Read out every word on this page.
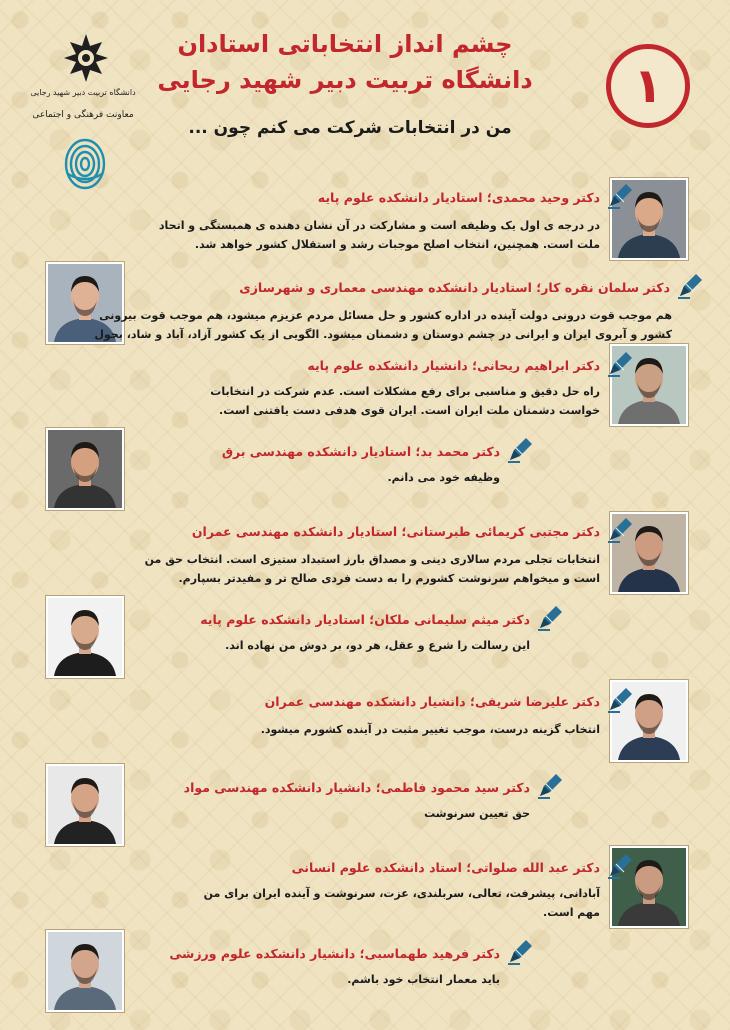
دانشگاه تربیت دبیر شهید رجایی
معاونت فرهنگی و اجتماعی
چشم انداز انتخاباتی استادان
دانشگاه تربیت دبیر شهید رجایی
من در انتخابات شرکت می کنم چون ...
۱
دکتر وحید محمدی؛ استادیار دانشکده علوم پایه
در درجه ی اول یک وظیفه است و مشارکت در آن نشان دهنده ی همبستگی و اتحاد
ملت است. همچنین، انتخاب اصلح موجبات رشد و استقلال کشور خواهد شد.
دکتر سلمان نقره کار؛ استادیار دانشکده مهندسی معماری و شهرسازی
هم موجب قوت درونی دولت آینده در اداره کشور و حل مسائل مردم عزیزم میشود، هم موجب قوت بیرونی
کشور و آبروی ایران و ایرانی در چشم دوستان و دشمنان میشود. الگویی از یک کشور آزاد، آباد و شاد، بحول
دکتر ابراهیم ریحانی؛ دانشیار دانشکده علوم پایه
راه حل دقیق و مناسبی برای رفع مشکلات است. عدم شرکت در انتخابات
خواست دشمنان ملت ایران است. ایران قوی هدفی دست یافتنی است.
دکتر محمد بد؛ استادیار دانشکده مهندسی برق
وظیفه خود می دانم.
دکتر مجتبی کریمائی طبرستانی؛ استادیار دانشکده مهندسی عمران
انتخابات تجلی مردم سالاری دینی و مصداق بارز استبداد ستیزی است. انتخاب حق من
است و میخواهم سرنوشت کشورم را به دست فردی صالح تر و مفیدتر بسپارم.
دکتر میثم سلیمانی ملکان؛ استادیار دانشکده علوم پایه
این رسالت را شرع و عقل، هر دو، بر دوش من نهاده اند.
دکتر علیرضا شریفی؛ دانشیار دانشکده مهندسی عمران
انتخاب گزینه درست، موجب تغییر مثبت در آینده کشورم میشود.
دکتر سید محمود فاطمی؛ دانشیار دانشکده مهندسی مواد
حق تعیین سرنوشت
دکتر عبد الله صلواتی؛ استاد دانشکده علوم انسانی
آبادانی، پیشرفت، تعالی، سربلندی، عزت، سرنوشت و آینده ایران برای من
مهم است.
دکتر فرهید طهماسبی؛ دانشیار دانشکده علوم ورزشی
باید معمار انتخاب خود باشم.
